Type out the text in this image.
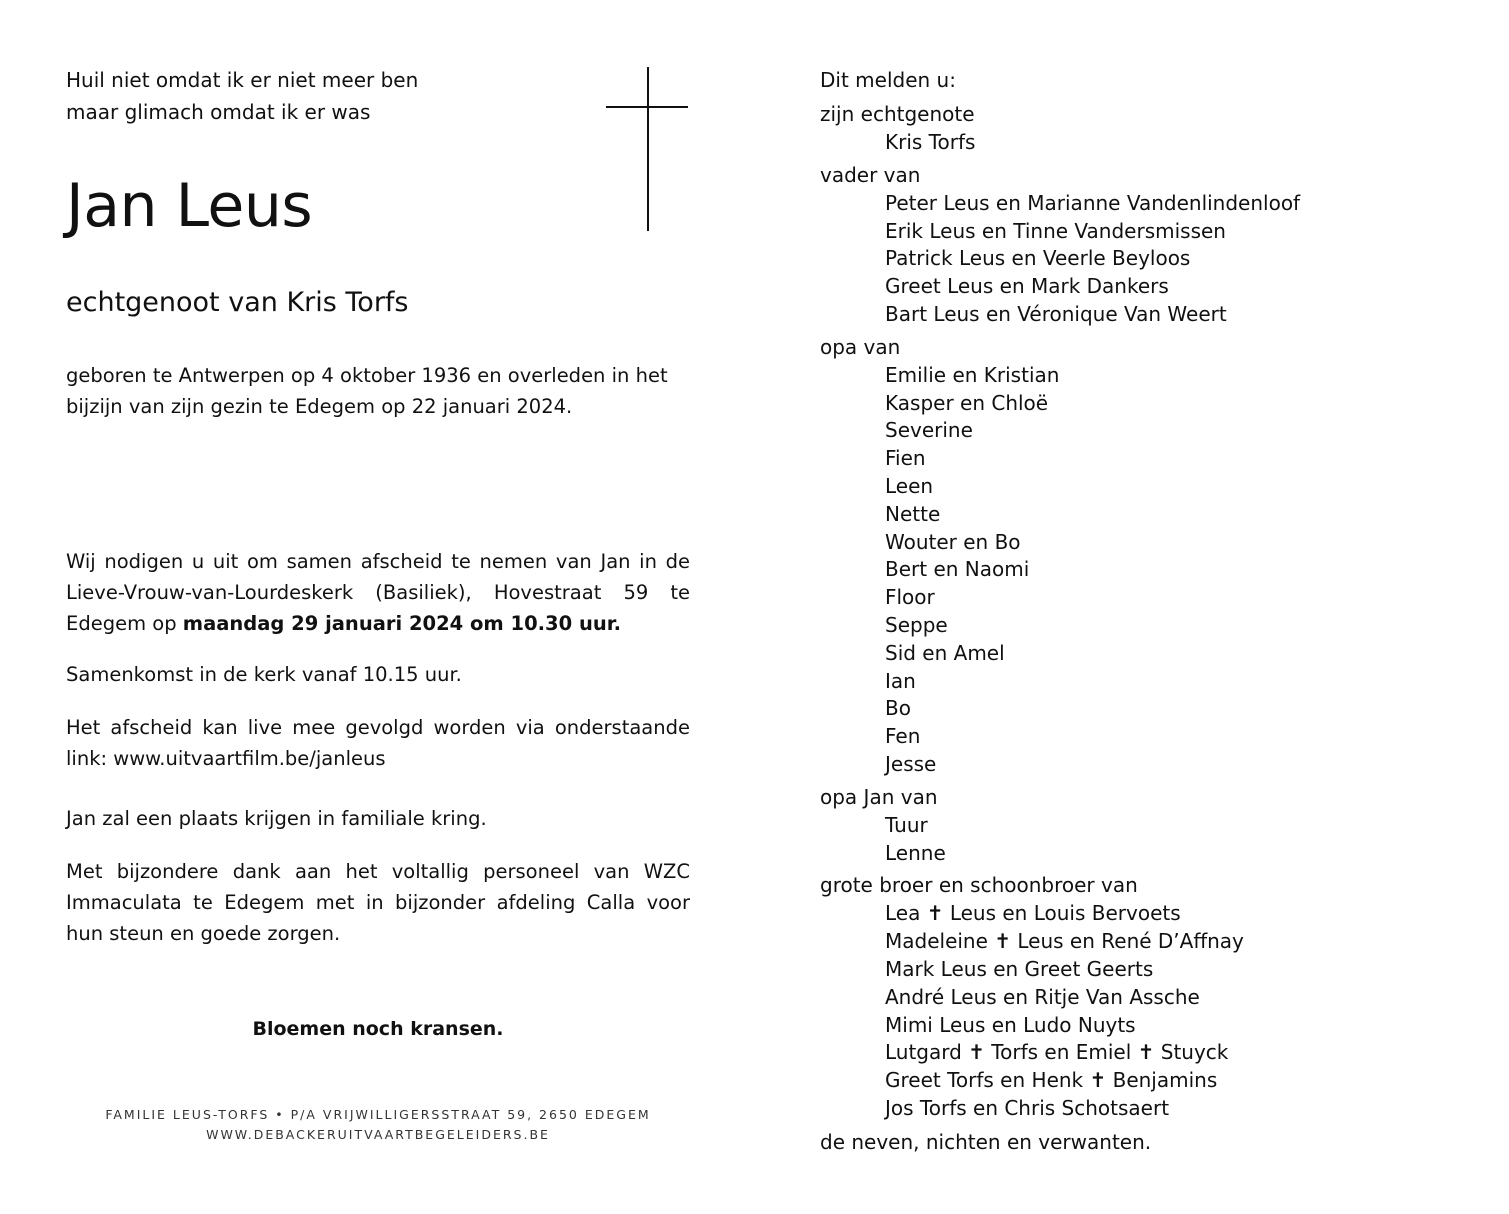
Huil niet omdat ik er niet meer ben

maar glimach omdat ik er was

Jan Leus

echtgenoot van Kris Torfs

geboren te Antwerpen op 4 oktober 1936 en overleden in het bijzijn van zijn gezin te Edegem op 22 januari 2024.

Wij nodigen u uit om samen afscheid te nemen van Jan in de Lieve-Vrouw-van-Lourdeskerk (Basiliek), Hovestraat 59 te Edegem op maandag 29 januari 2024 om 10.30 uur.

Samenkomst in de kerk vanaf 10.15 uur.

Het afscheid kan live mee gevolgd worden via onderstaande link: www.uitvaartfilm.be/janleus

Jan zal een plaats krijgen in familiale kring.

Met bijzondere dank aan het voltallig personeel van WZC Immaculata te Edegem met in bijzonder afdeling Calla voor hun steun en goede zorgen.

Bloemen noch kransen.

FAMILIE LEUS-TORFS • P/A VRIJWILLIGERSSTRAAT 59, 2650 EDEGEM
WWW.DEBACKERUITVAARTBEGELEIDERS.BE
Dit melden u:
zijn echtgenote
Kris Torfs
vader van
Peter Leus en Marianne Vandenlindenloof
Erik Leus en Tinne Vandersmissen
Patrick Leus en Veerle Beyloos
Greet Leus en Mark Dankers
Bart Leus en Véronique Van Weert
opa van
Emilie en Kristian
Kasper en Chloë
Severine
Fien
Leen
Nette
Wouter en Bo
Bert en Naomi
Floor
Seppe
Sid en Amel
Ian
Bo
Fen
Jesse
opa Jan van
Tuur
Lenne
grote broer en schoonbroer van
Lea ✝ Leus en Louis Bervoets
Madeleine ✝ Leus en René D’Affnay
Mark Leus en Greet Geerts
André Leus en Ritje Van Assche
Mimi Leus en Ludo Nuyts
Lutgard ✝ Torfs en Emiel ✝ Stuyck
Greet Torfs en Henk ✝ Benjamins
Jos Torfs en Chris Schotsaert
de neven, nichten en verwanten.
